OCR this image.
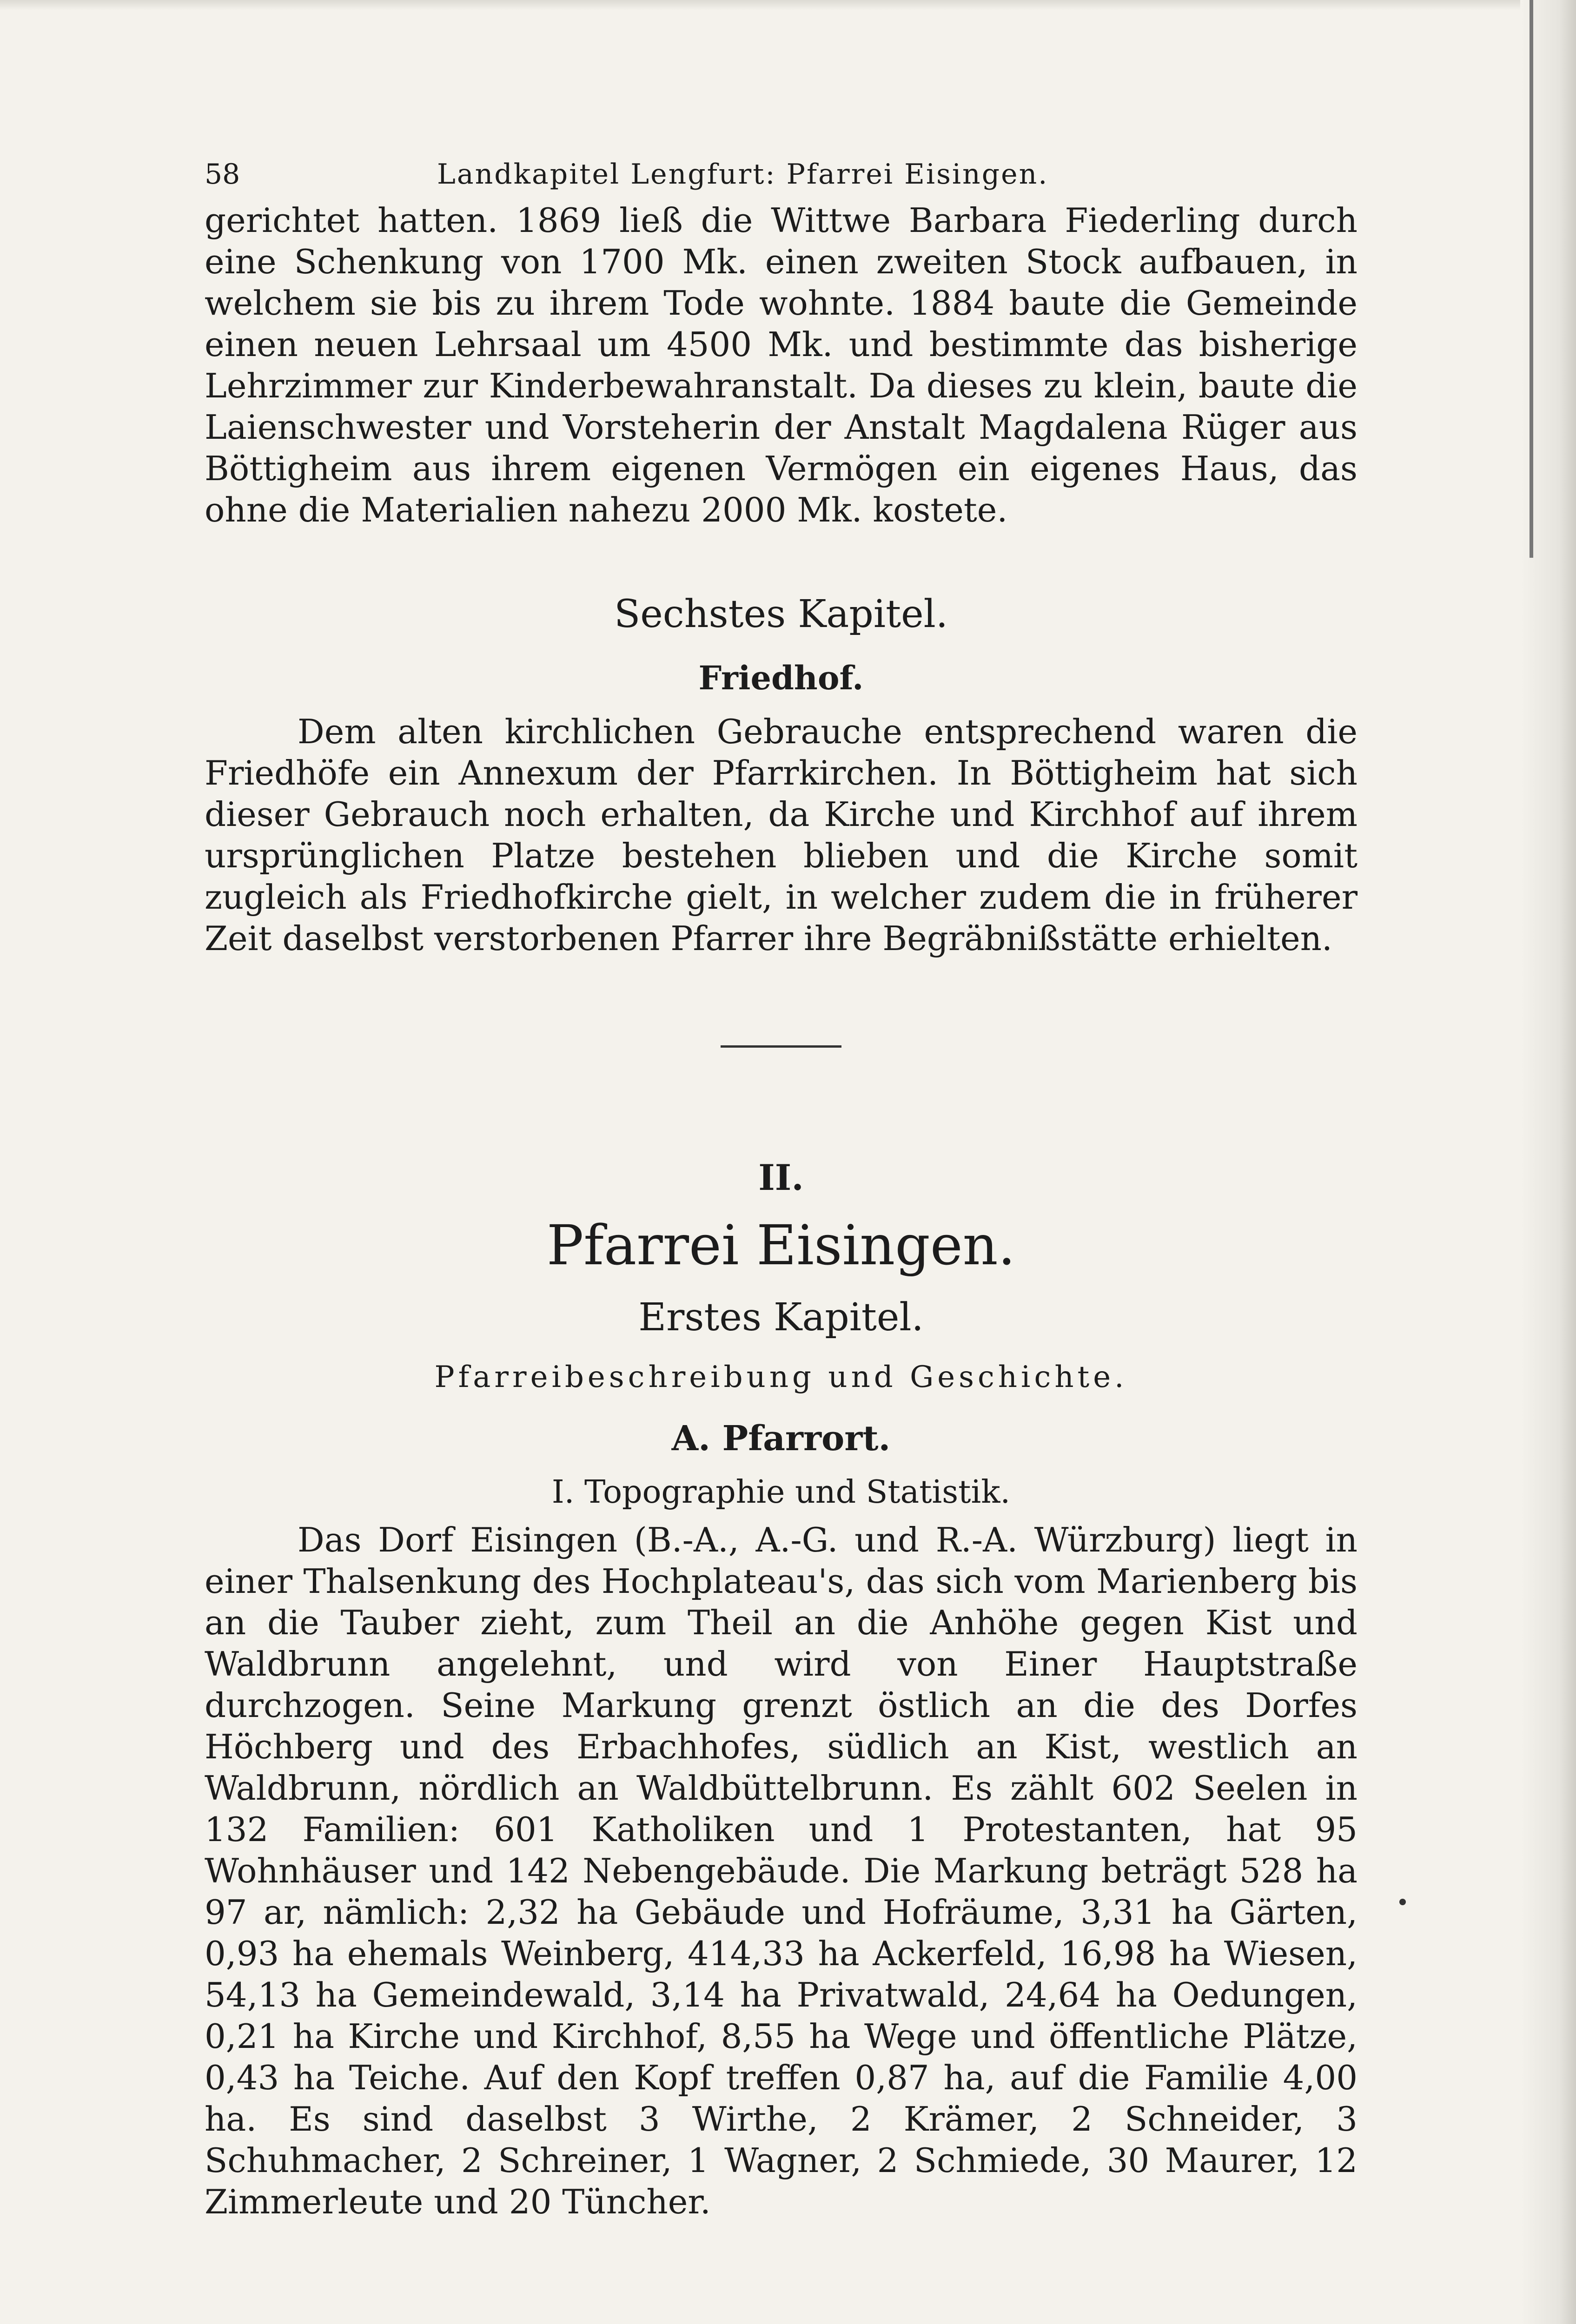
58	Landkapitel Lengfurt: Pfarrei Eisingen.

gerichtet hatten. 1869 ließ die Wittwe Barbara Fiederling durch eine Schenkung von 1700 Mk. einen zweiten Stock aufbauen, in welchem sie bis zu ihrem Tode wohnte. 1884 baute die Gemeinde einen neuen Lehrsaal um 4500 Mk. und bestimmte das bisherige Lehrzimmer zur Kinderbewahranstalt. Da dieses zu klein, baute die Laienschwester und Vorsteherin der Anstalt Magdalena Rüger aus Böttigheim aus ihrem eigenen Vermögen ein eigenes Haus, das ohne die Materialien nahezu 2000 Mk. kostete.

Sechstes Kapitel.
Friedhof.

Dem alten kirchlichen Gebrauche entsprechend waren die Friedhöfe ein Annexum der Pfarrkirchen. In Böttigheim hat sich dieser Gebrauch noch erhalten, da Kirche und Kirchhof auf ihrem ursprünglichen Platze bestehen blieben und die Kirche somit zugleich als Friedhofkirche gielt, in welcher zudem die in früherer Zeit daselbst verstorbenen Pfarrer ihre Begräbnißstätte erhielten.

II.
Pfarrei Eisingen.
Erstes Kapitel.
Pfarreibeschreibung und Geschichte.
A. Pfarrort.
I. Topographie und Statistik.

Das Dorf Eisingen (B.-A., A.-G. und R.-A. Würzburg) liegt in einer Thalsenkung des Hochplateau's, das sich vom Marienberg bis an die Tauber zieht, zum Theil an die Anhöhe gegen Kist und Waldbrunn angelehnt, und wird von Einer Hauptstraße durchzogen. Seine Markung grenzt östlich an die des Dorfes Höchberg und des Erbachhofes, südlich an Kist, westlich an Waldbrunn, nördlich an Waldbüttelbrunn. Es zählt 602 Seelen in 132 Familien: 601 Katholiken und 1 Protestanten, hat 95 Wohnhäuser und 142 Nebengebäude. Die Markung beträgt 528 ha 97 ar, nämlich: 2,32 ha Gebäude und Hofräume, 3,31 ha Gärten, 0,93 ha ehemals Weinberg, 414,33 ha Ackerfeld, 16,98 ha Wiesen, 54,13 ha Gemeindewald, 3,14 ha Privatwald, 24,64 ha Oedungen, 0,21 ha Kirche und Kirchhof, 8,55 ha Wege und öffentliche Plätze, 0,43 ha Teiche. Auf den Kopf treffen 0,87 ha, auf die Familie 4,00 ha. Es sind daselbst 3 Wirthe, 2 Krämer, 2 Schneider, 3 Schuhmacher, 2 Schreiner, 1 Wagner, 2 Schmiede, 30 Maurer, 12 Zimmerleute und 20 Tüncher.
